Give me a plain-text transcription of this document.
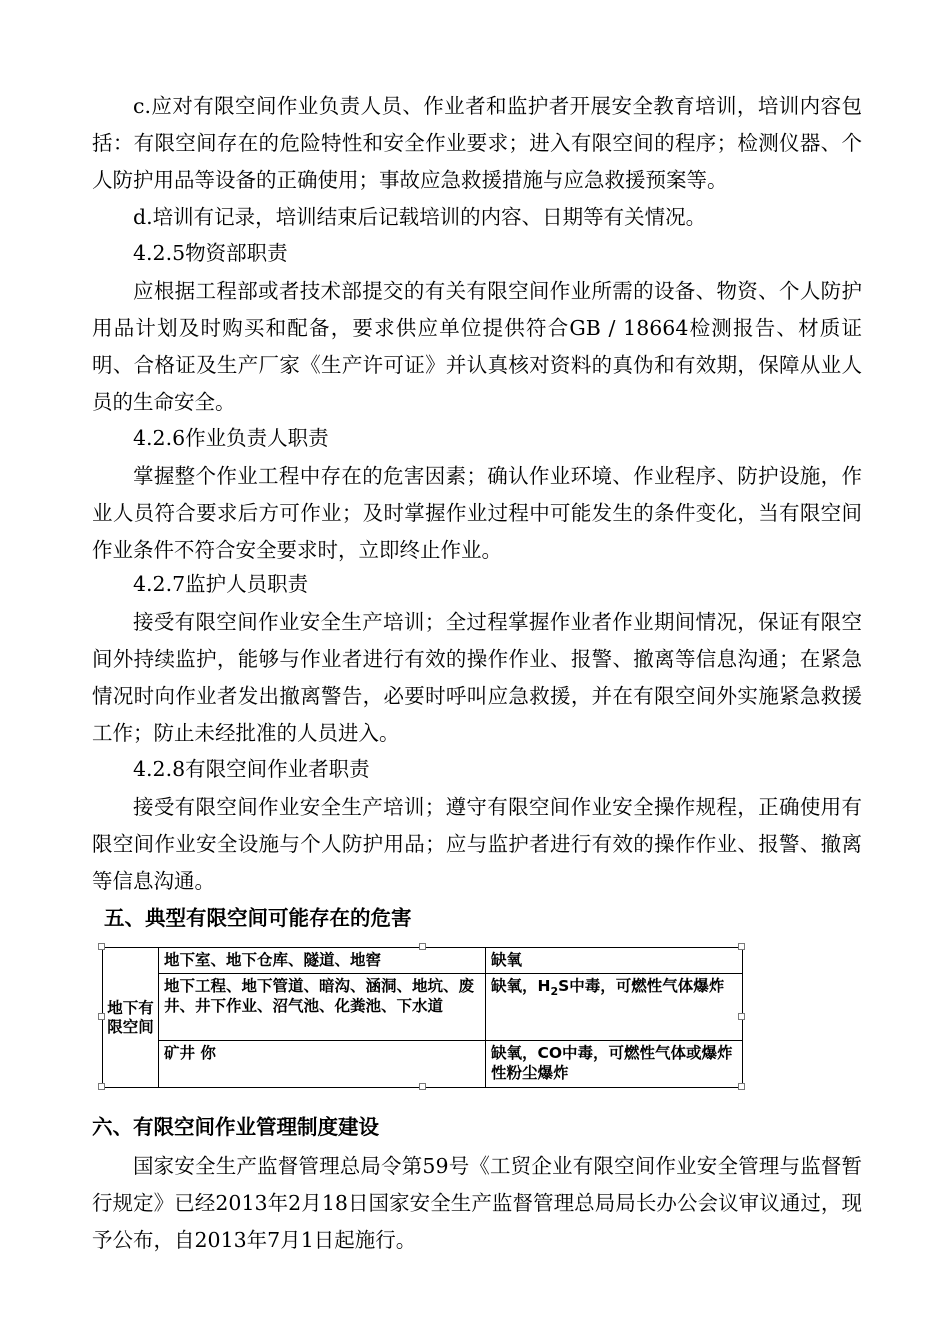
c.应对有限空间作业负责人员、作业者和监护者开展安全教育培训，培训内容包括：有限空间存在的危险特性和安全作业要求；进入有限空间的程序；检测仪器、个人防护用品等设备的正确使用；事故应急救援措施与应急救援预案等。

d.培训有记录，培训结束后记载培训的内容、日期等有关情况。

4.2.5物资部职责

应根据工程部或者技术部提交的有关有限空间作业所需的设备、物资、个人防护用品计划及时购买和配备，要求供应单位提供符合GB / 18664检测报告、材质证明、合格证及生产厂家《生产许可证》并认真核对资料的真伪和有效期，保障从业人员的生命安全。

4.2.6作业负责人职责

掌握整个作业工程中存在的危害因素；确认作业环境、作业程序、防护设施，作业人员符合要求后方可作业；及时掌握作业过程中可能发生的条件变化，当有限空间作业条件不符合安全要求时，立即终止作业。

4.2.7监护人员职责

接受有限空间作业安全生产培训；全过程掌握作业者作业期间情况，保证有限空间外持续监护，能够与作业者进行有效的操作作业、报警、撤离等信息沟通；在紧急情况时向作业者发出撤离警告，必要时呼叫应急救援，并在有限空间外实施紧急救援工作；防止未经批准的人员进入。

4.2.8有限空间作业者职责

接受有限空间作业安全生产培训；遵守有限空间作业安全操作规程，正确使用有限空间作业安全设施与个人防护用品；应与监护者进行有效的操作作业、报警、撤离等信息沟通。

五、典型有限空间可能存在的危害
地下有限空间	地下室、地下仓库、隧道、地窖	缺氧
	地下工程、地下管道、暗沟、涵洞、地坑、废井、井下作业、沼气池、化粪池、下水道	缺氧，$H_2S$中毒，可燃性气体爆炸
	矿井 你	缺氧，CO中毒，可燃性气体或爆炸性粉尘爆炸
六、有限空间作业管理制度建设

国家安全生产监督管理总局令第59号《工贸企业有限空间作业安全管理与监督暂行规定》已经2013年2月18日国家安全生产监督管理总局局长办公会议审议通过，现予公布，自2013年7月1日起施行。
